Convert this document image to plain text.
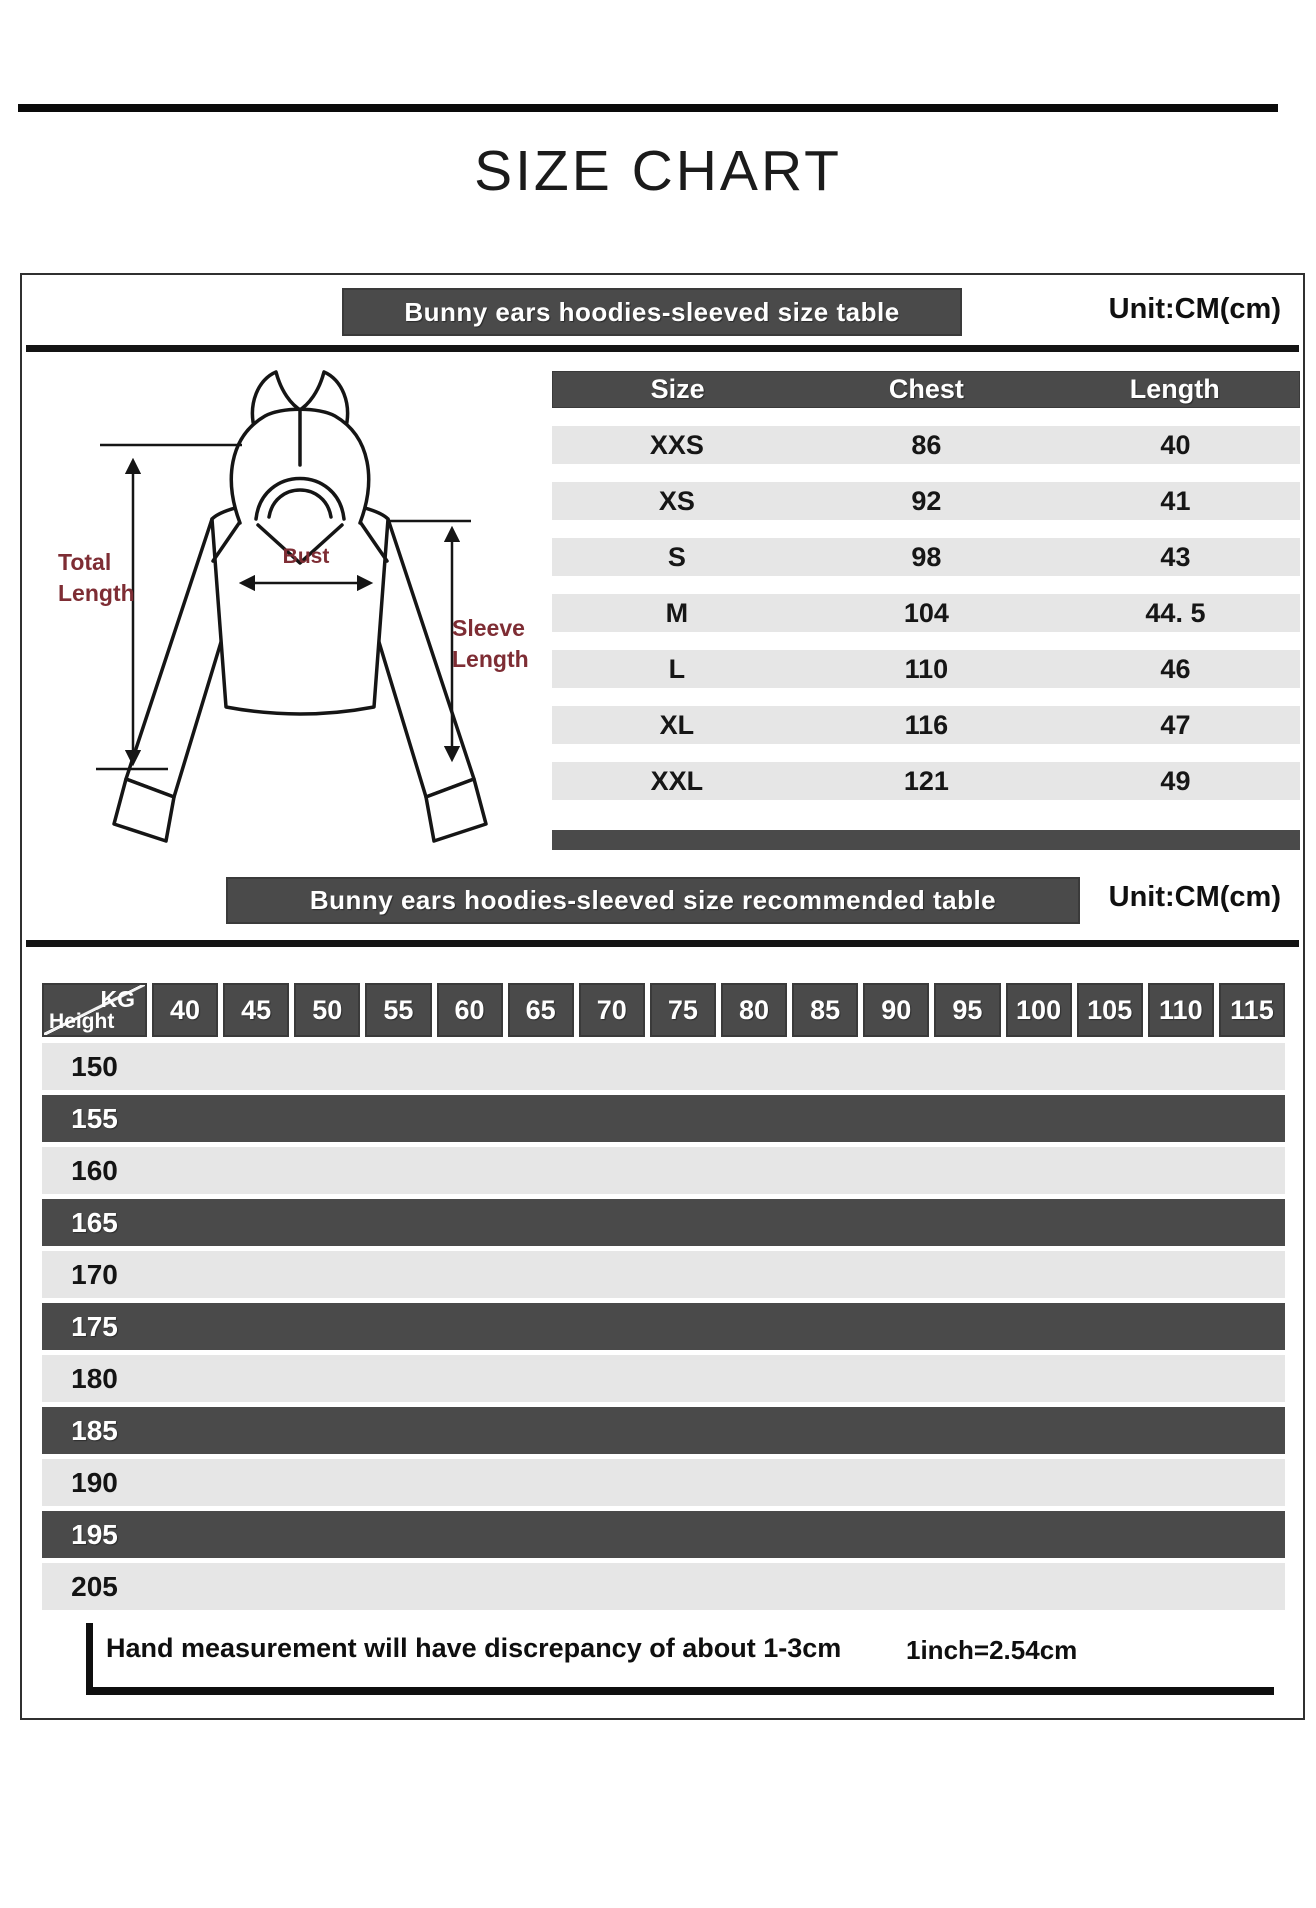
SIZE CHART
Bunny ears hoodies-sleeved size table	Unit:CM(cm)
Total Length
Bust
Sleeve Length
Size	Chest	Length
XXS	86	40
XS	92	41
S	98	43
M	104	44. 5
L	110	46
XL	116	47
XXL	121	49
Bunny ears hoodies-sleeved size recommended table	Unit:CM(cm)
KG
Height	40	45	50	55	60	65	70	75	80	85	90	95	100 105 110	115
150
155
160
165
170
175
180
185
190
195
205
Hand measurement will have discrepancy of about 1-3cm 1inch=2.54cm
